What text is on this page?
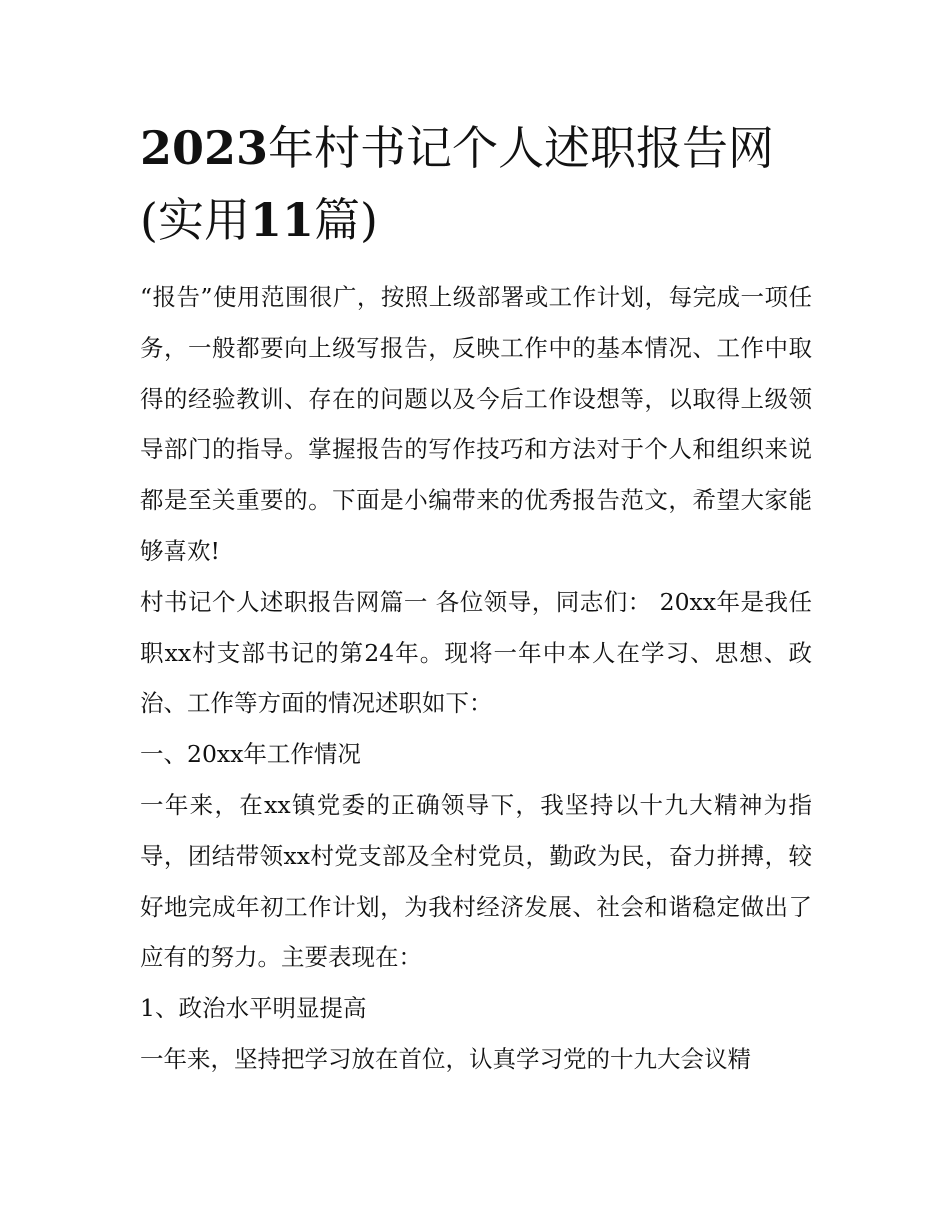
2023年村书记个人述职报告网(实用11篇)

“报告”使用范围很广，按照上级部署或工作计划，每完成一项任务，一般都要向上级写报告，反映工作中的基本情况、工作中取得的经验教训、存在的问题以及今后工作设想等，以取得上级领导部门的指导。掌握报告的写作技巧和方法对于个人和组织来说都是至关重要的。下面是小编带来的优秀报告范文，希望大家能够喜欢!

村书记个人述职报告网篇一 各位领导，同志们： 20xx年是我任职xx村支部书记的第24年。现将一年中本人在学习、思想、政治、工作等方面的情况述职如下：

一、20xx年工作情况

一年来，在xx镇党委的正确领导下，我坚持以十九大精神为指导，团结带领xx村党支部及全村党员，勤政为民，奋力拼搏，较好地完成年初工作计划，为我村经济发展、社会和谐稳定做出了应有的努力。主要表现在：

1、政治水平明显提高

一年来，坚持把学习放在首位，认真学习党的十九大会议精
